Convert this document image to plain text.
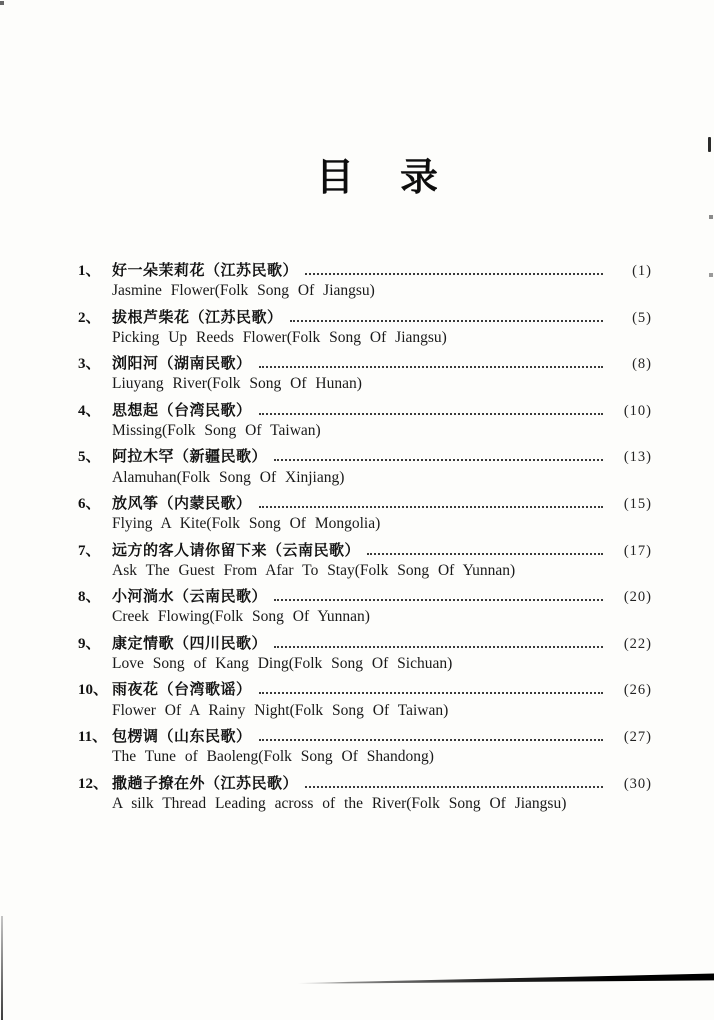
目　录
1、 好一朵茉莉花（江苏民歌）	(1)
Jasmine Flower(Folk Song Of Jiangsu)
2、 拔根芦柴花（江苏民歌）	(5)
Picking Up Reeds Flower(Folk Song Of Jiangsu)
3、 浏阳河（湖南民歌）	(8)
Liuyang River(Folk Song Of Hunan)
4、 思想起（台湾民歌）	(10)
Missing(Folk Song Of Taiwan)
5、 阿拉木罕（新疆民歌）	(13)
Alamuhan(Folk Song Of Xinjiang)
6、 放风筝（内蒙民歌）	(15)
Flying A Kite(Folk Song Of Mongolia)
7、 远方的客人请你留下来（云南民歌）	(17)
Ask The Guest From Afar To Stay(Folk Song Of Yunnan)
8、 小河淌水（云南民歌）	(20)
Creek Flowing(Folk Song Of Yunnan)
9、 康定情歌（四川民歌）	(22)
Love Song of Kang Ding(Folk Song Of Sichuan)
10、 雨夜花（台湾歌谣）	(26)
Flower Of A Rainy Night(Folk Song Of Taiwan)
11、 包楞调（山东民歌）	(27)
The Tune of Baoleng(Folk Song Of Shandong)
12、 撒趟子撩在外（江苏民歌）	(30)
A silk Thread Leading across of the River(Folk Song Of Jiangsu)
